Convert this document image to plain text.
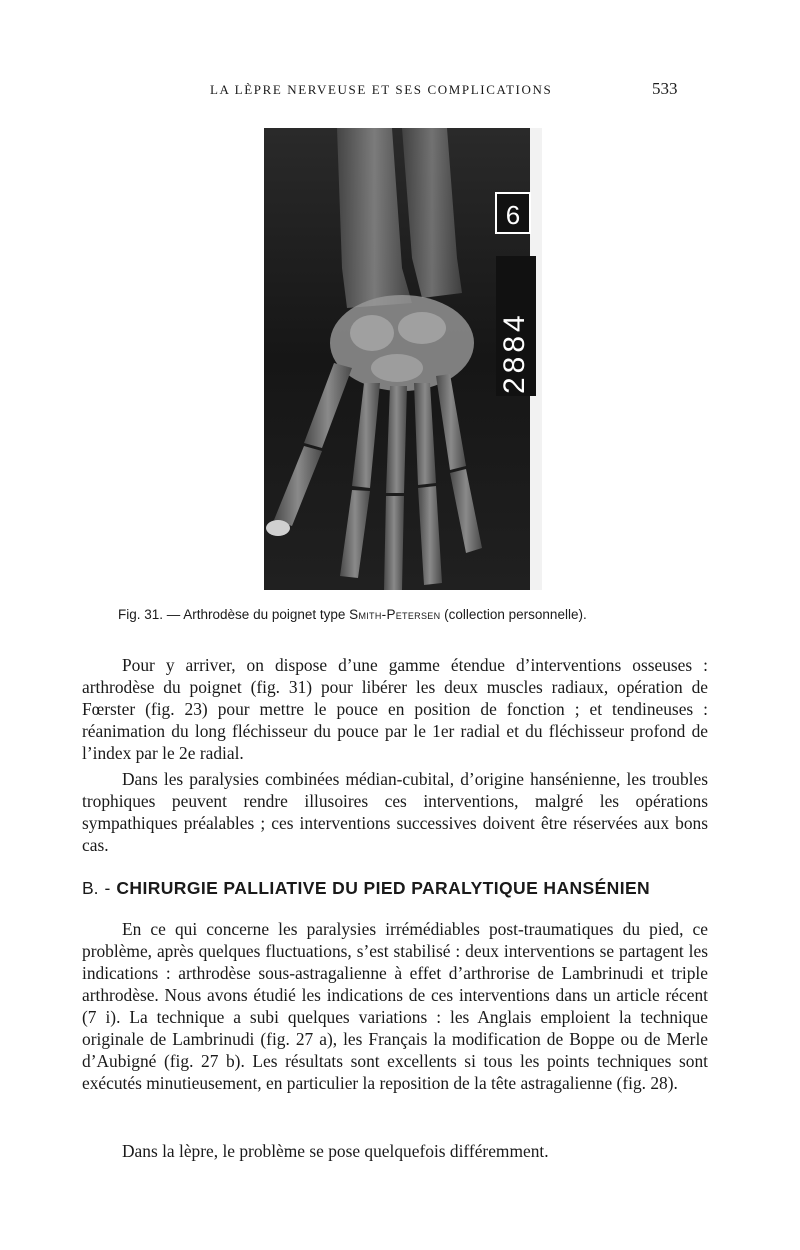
LA LÈPRE NERVEUSE ET SES COMPLICATIONS	533
6
2884
Fig. 31. — Arthrodèse du poignet type Smith-Petersen (collection personnelle).

Pour y arriver, on dispose d’une gamme étendue d’interventions osseuses : arthrodèse du poignet (fig. 31) pour libérer les deux muscles radiaux, opération de Fœrster (fig. 23) pour mettre le pouce en position de fonction ; et tendineuses : réanimation du long fléchisseur du pouce par le 1er radial et du fléchisseur profond de l’index par le 2e radial.

Dans les paralysies combinées médian-cubital, d’origine hansénienne, les troubles trophiques peuvent rendre illusoires ces interventions, malgré les opérations sympathiques préalables ; ces interventions successives doivent être réservées aux bons cas.

B. - CHIRURGIE PALLIATIVE DU PIED PARALYTIQUE HANSÉNIEN

En ce qui concerne les paralysies irrémédiables post-traumatiques du pied, ce problème, après quelques fluctuations, s’est stabilisé : deux interventions se partagent les indications : arthrodèse sous-astragalienne à effet d’arthrorise de Lambrinudi et triple arthrodèse. Nous avons étudié les indications de ces interventions dans un article récent (7 i). La technique a subi quelques variations : les Anglais emploient la technique originale de Lambrinudi (fig. 27 a), les Français la modification de Boppe ou de Merle d’Aubigné (fig. 27 b). Les résultats sont excellents si tous les points techniques sont exécutés minutieusement, en particulier la reposition de la tête astragalienne (fig. 28).

Dans la lèpre, le problème se pose quelquefois différemment.
